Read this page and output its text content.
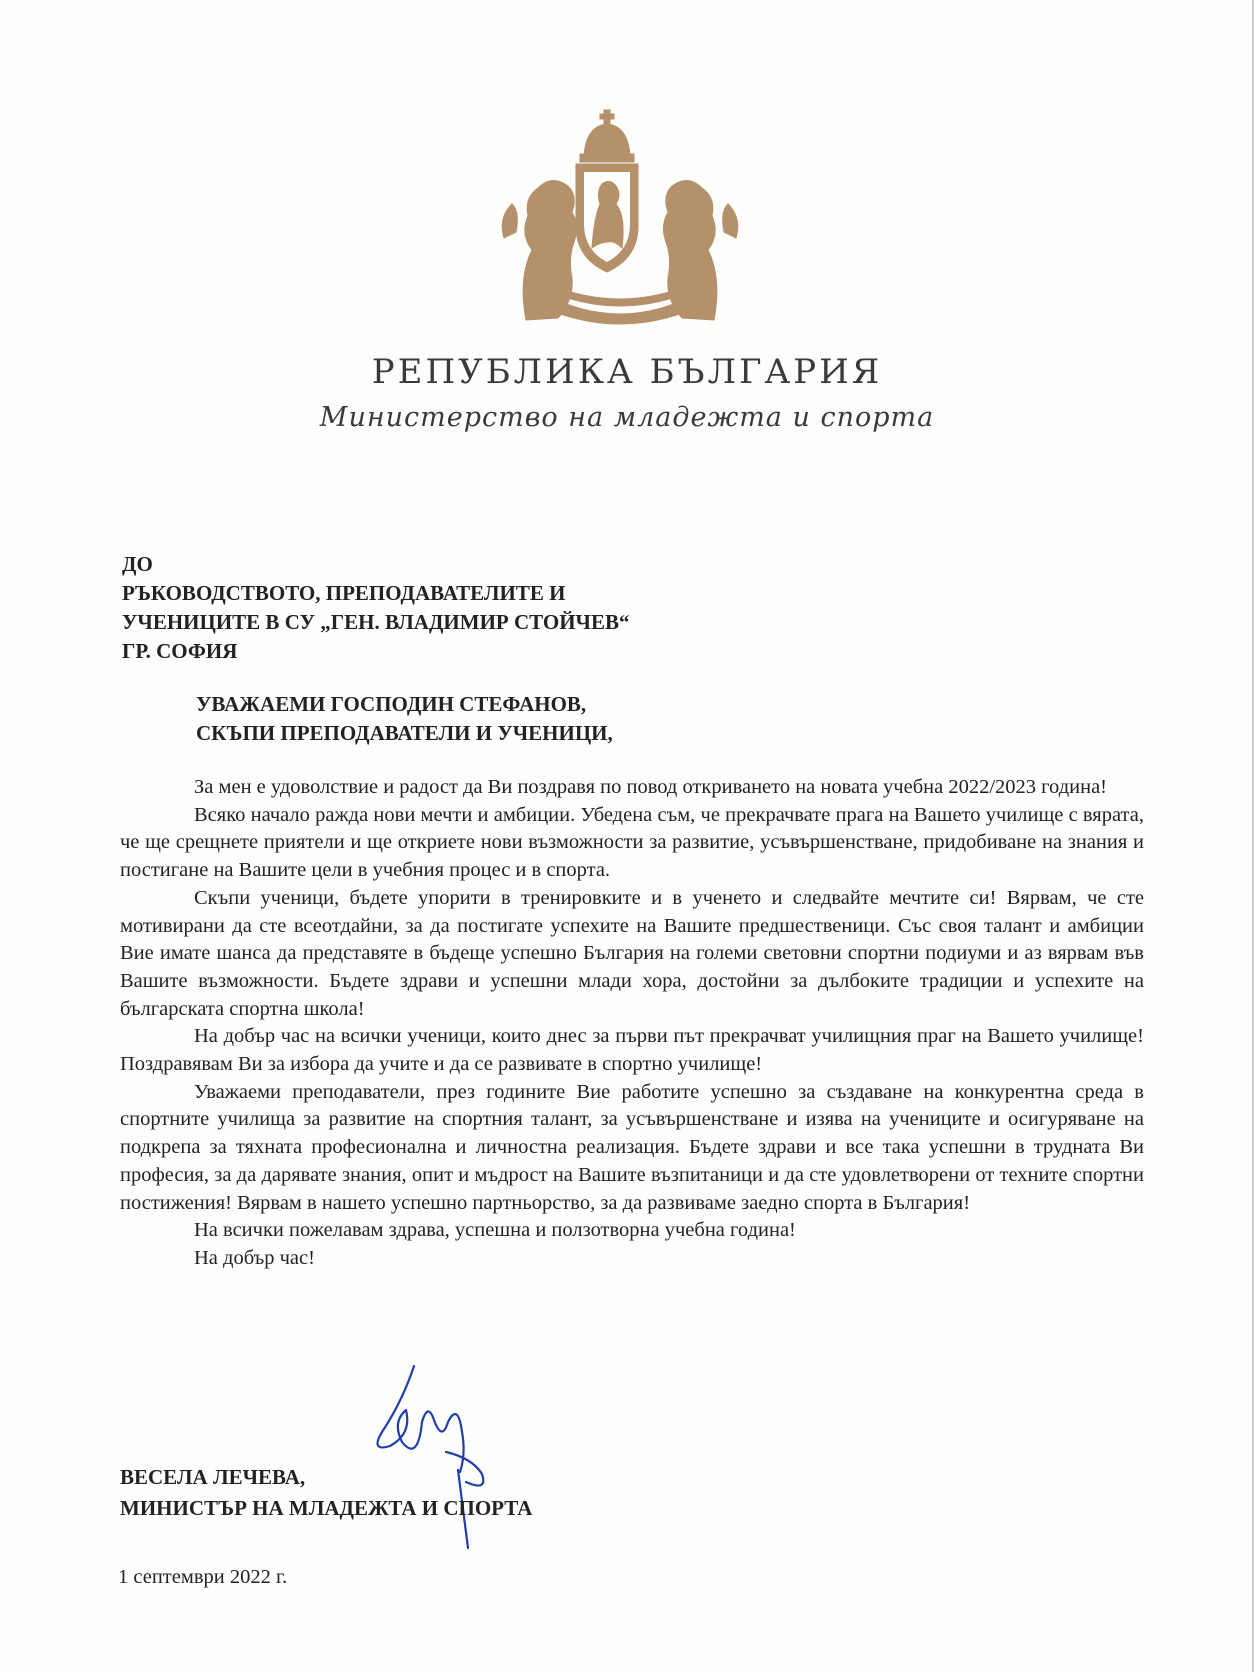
РЕПУБЛИКА БЪЛГАРИЯ
Министерство на младежта и спорта
ДО
РЪКОВОДСТВОТО, ПРЕПОДАВАТЕЛИТЕ И
УЧЕНИЦИТЕ В СУ „ГЕН. ВЛАДИМИР СТОЙЧЕВ“
ГР. СОФИЯ
УВАЖАЕМИ ГОСПОДИН СТЕФАНОВ,
СКЪПИ ПРЕПОДАВАТЕЛИ И УЧЕНИЦИ,

За мен е удоволствие и радост да Ви поздравя по повод откриването на новата учебна 2022/2023 година!

Всяко начало ражда нови мечти и амбиции. Убедена съм, че прекрачвате прага на Вашето училище с вярата, че ще срещнете приятели и ще откриете нови възможности за развитие, усъвършенстване, придобиване на знания и постигане на Вашите цели в учебния процес и в спорта.

Скъпи ученици, бъдете упорити в тренировките и в ученето и следвайте мечтите си! Вярвам, че сте мотивирани да сте всеотдайни, за да постигате успехите на Вашите предшественици. Със своя талант и амбиции Вие имате шанса да представяте в бъдеще успешно България на големи световни спортни подиуми и аз вярвам във Вашите възможности. Бъдете здрави и успешни млади хора, достойни за дълбоките традиции и успехите на българската спортна школа!

На добър час на всички ученици, които днес за първи път прекрачват училищния праг на Вашето училище! Поздравявам Ви за избора да учите и да се развивате в спортно училище!

Уважаеми преподаватели, през годините Вие работите успешно за създаване на конкурентна среда в спортните училища за развитие на спортния талант, за усъвършенстване и изява на учениците и осигуряване на подкрепа за тяхната професионална и личностна реализация. Бъдете здрави и все така успешни в трудната Ви професия, за да дарявате знания, опит и мъдрост на Вашите възпитаници и да сте удовлетворени от техните спортни постижения! Вярвам в нашето успешно партньорство, за да развиваме заедно спорта в България!

На всички пожелавам здрава, успешна и ползотворна учебна година!

На добър час!

ВЕСЕЛА ЛЕЧЕВА,
МИНИСТЪР НА МЛАДЕЖТА И СПОРТА
1 септември 2022 г.
